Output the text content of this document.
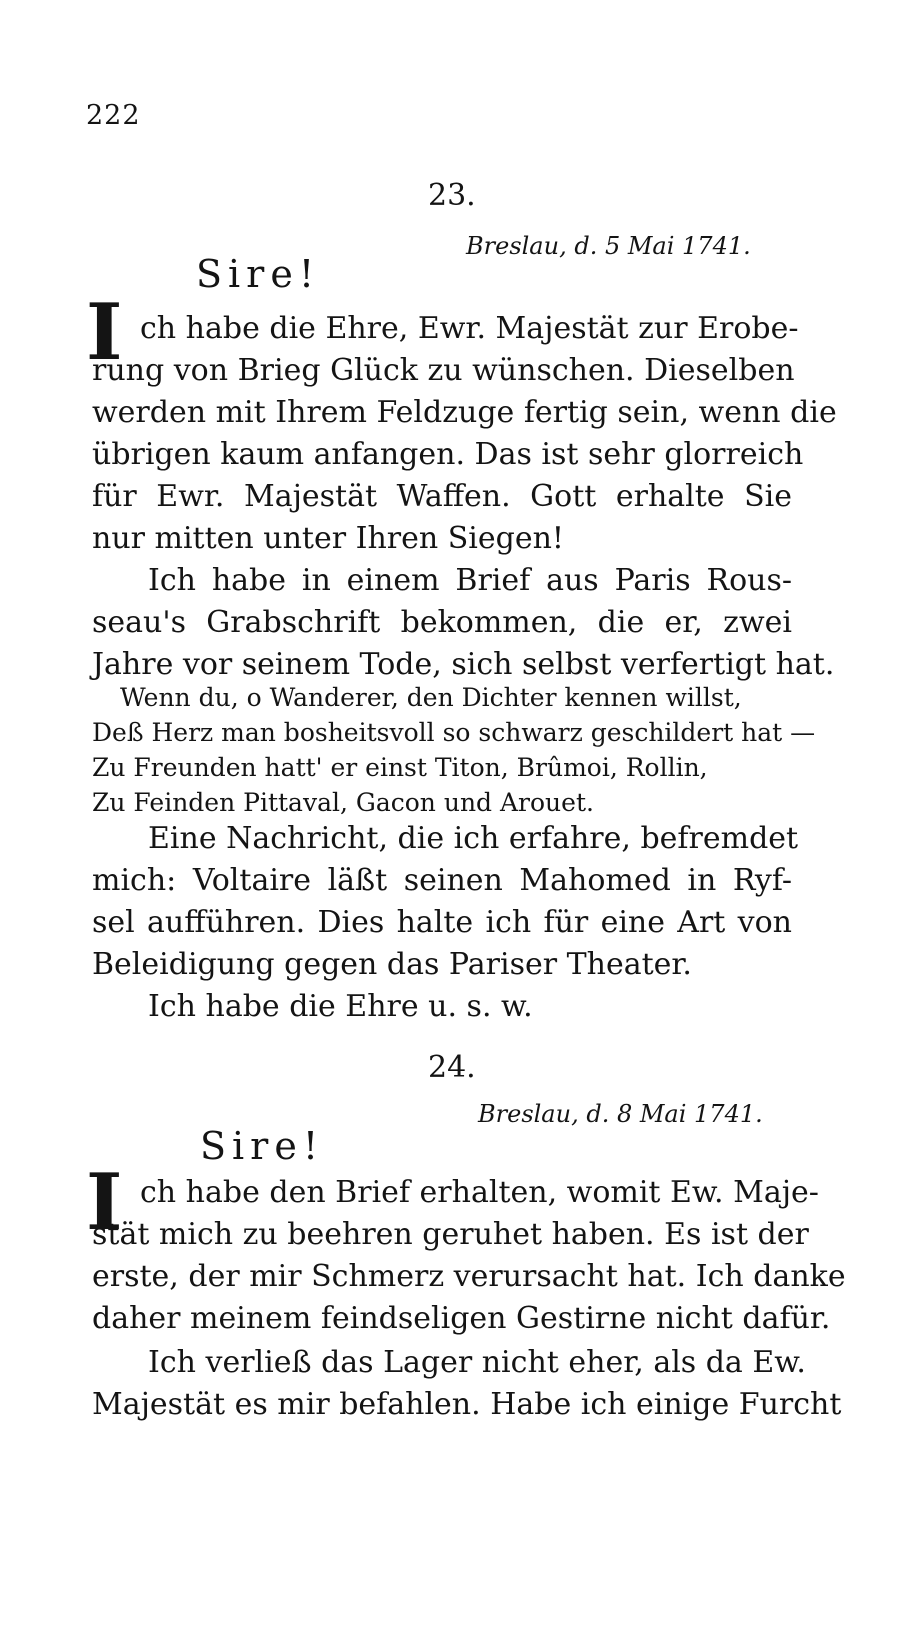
222
23.
Breslau, d. 5 Mai 1741.
Sire!
I ch habe die Ehre, Ewr. Majestät zur Erobe-
rung von Brieg Glück zu wünschen. Dieselben
werden mit Ihrem Feldzuge fertig sein, wenn die
übrigen kaum anfangen. Das ist sehr glorreich
für Ewr. Majestät Waffen. Gott erhalte Sie
nur mitten unter Ihren Siegen!
Ich habe in einem Brief aus Paris Rous-
seau's Grabschrift bekommen, die er, zwei
Jahre vor seinem Tode, sich selbst verfertigt hat.
Wenn du, o Wanderer, den Dichter kennen willst,
Deß Herz man bosheitsvoll so schwarz geschildert hat —
Zu Freunden hatt' er einst Titon, Brûmoi, Rollin,
Zu Feinden Pittaval, Gacon und Arouet.
Eine Nachricht, die ich erfahre, befremdet
mich: Voltaire läßt seinen Mahomed in Ryf-
sel aufführen. Dies halte ich für eine Art von
Beleidigung gegen das Pariser Theater.
Ich habe die Ehre u. s. w.
24.
Breslau, d. 8 Mai 1741.
Sire!
I ch habe den Brief erhalten, womit Ew. Maje-
stät mich zu beehren geruhet haben. Es ist der
erste, der mir Schmerz verursacht hat. Ich danke
daher meinem feindseligen Gestirne nicht dafür.
Ich verließ das Lager nicht eher, als da Ew.
Majestät es mir befahlen. Habe ich einige Furcht
